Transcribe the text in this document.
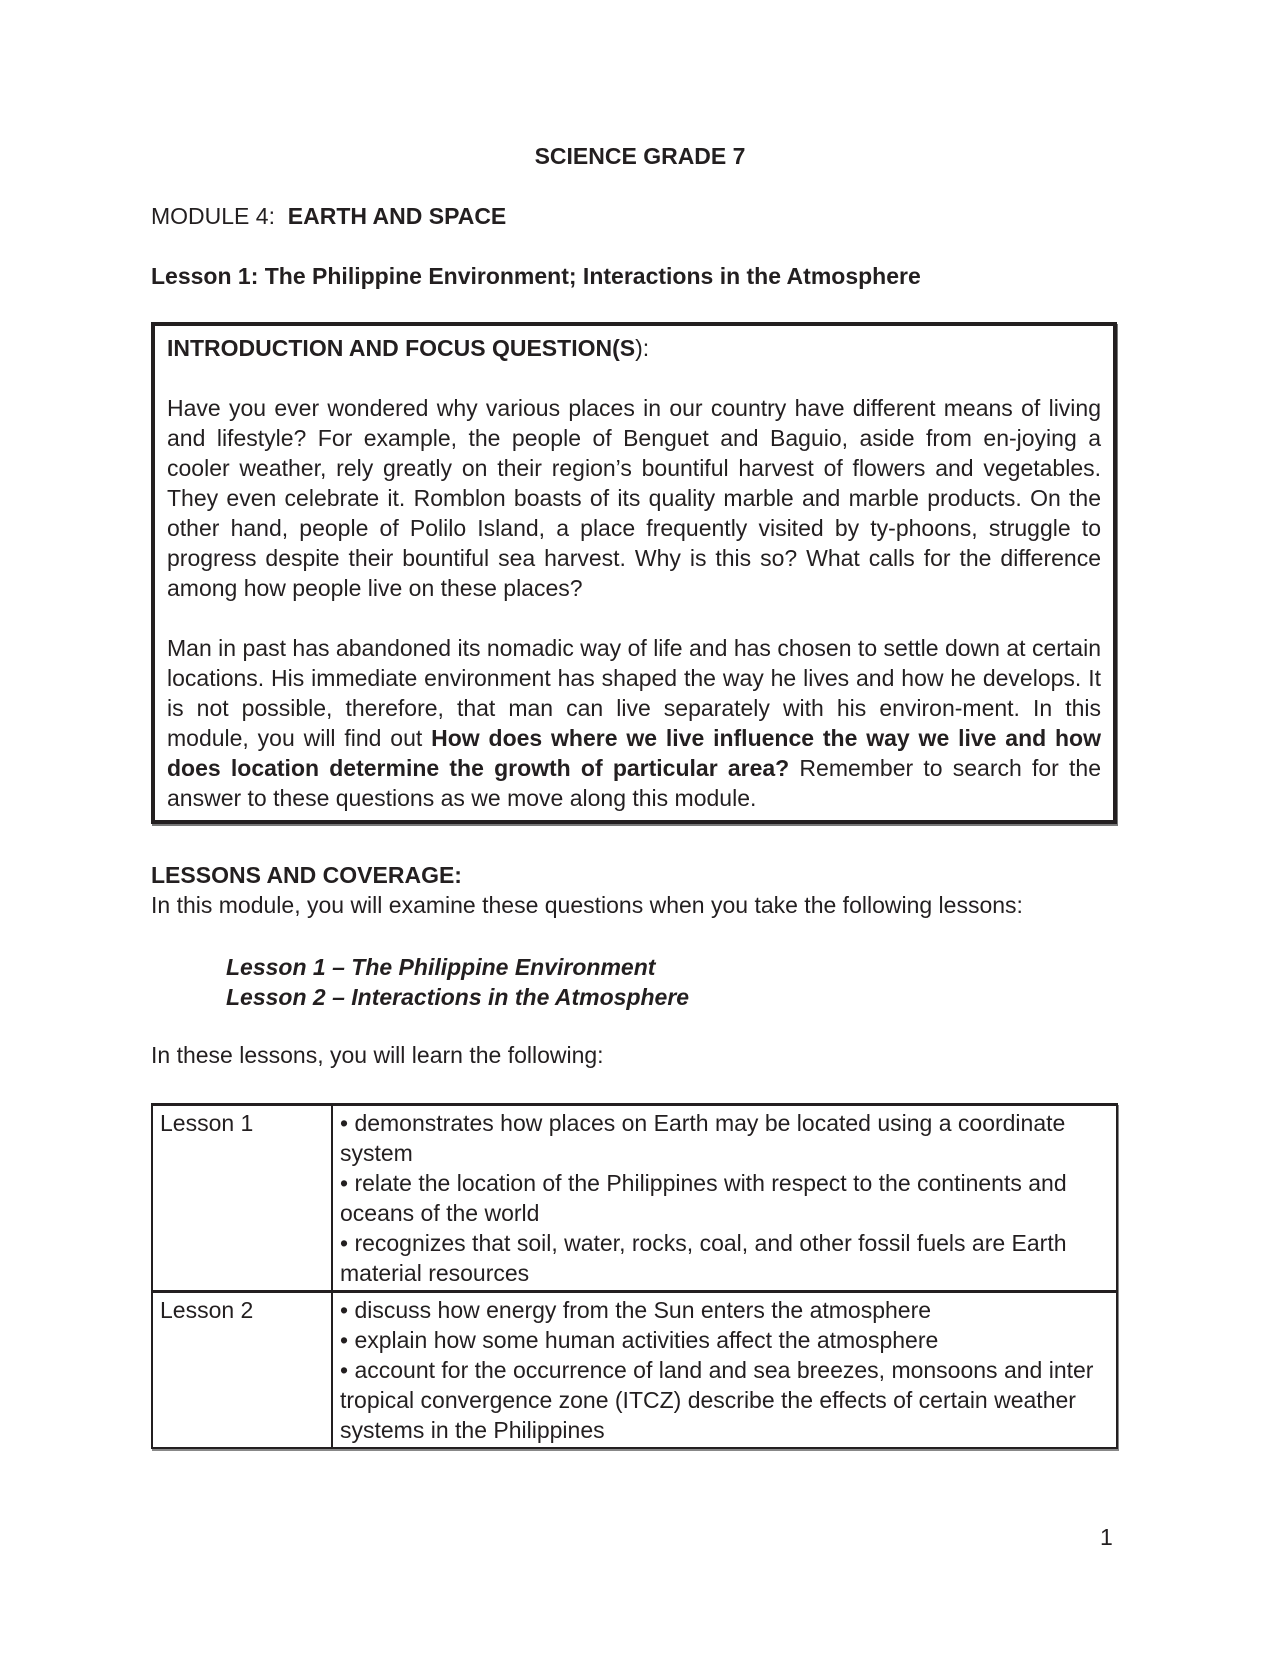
SCIENCE GRADE 7
MODULE 4: EARTH AND SPACE
Lesson 1: The Philippine Environment; Interactions in the Atmosphere
INTRODUCTION AND FOCUS QUESTION(S):

Have you ever wondered why various places in our country have different means of living and lifestyle? For example, the people of Benguet and Baguio, aside from en-joying a cooler weather, rely greatly on their region’s bountiful harvest of flowers and vegetables. They even celebrate it. Romblon boasts of its quality marble and marble products. On the other hand, people of Polilo Island, a place frequently visited by ty-phoons, struggle to progress despite their bountiful sea harvest. Why is this so? What calls for the difference among how people live on these places?

Man in past has abandoned its nomadic way of life and has chosen to settle down at certain locations. His immediate environment has shaped the way he lives and how he develops. It is not possible, therefore, that man can live separately with his environ-ment. In this module, you will find out How does where we live influence the way we live and how does location determine the growth of particular area? Remember to search for the answer to these questions as we move along this module.

LESSONS AND COVERAGE:
In this module, you will examine these questions when you take the following lessons:
Lesson 1 – The Philippine Environment
Lesson 2 – Interactions in the Atmosphere
In these lessons, you will learn the following:
Lesson 1	• demonstrates how places on Earth may be located using a coordinate system
• relate the location of the Philippines with respect to the continents and oceans of the world
• recognizes that soil, water, rocks, coal, and other fossil fuels are Earth material resources

Lesson 2	• discuss how energy from the Sun enters the atmosphere
• explain how some human activities affect the atmosphere
• account for the occurrence of land and sea breezes, monsoons and inter tropical convergence zone (ITCZ) describe the effects of certain weather systems in the Philippines
1
